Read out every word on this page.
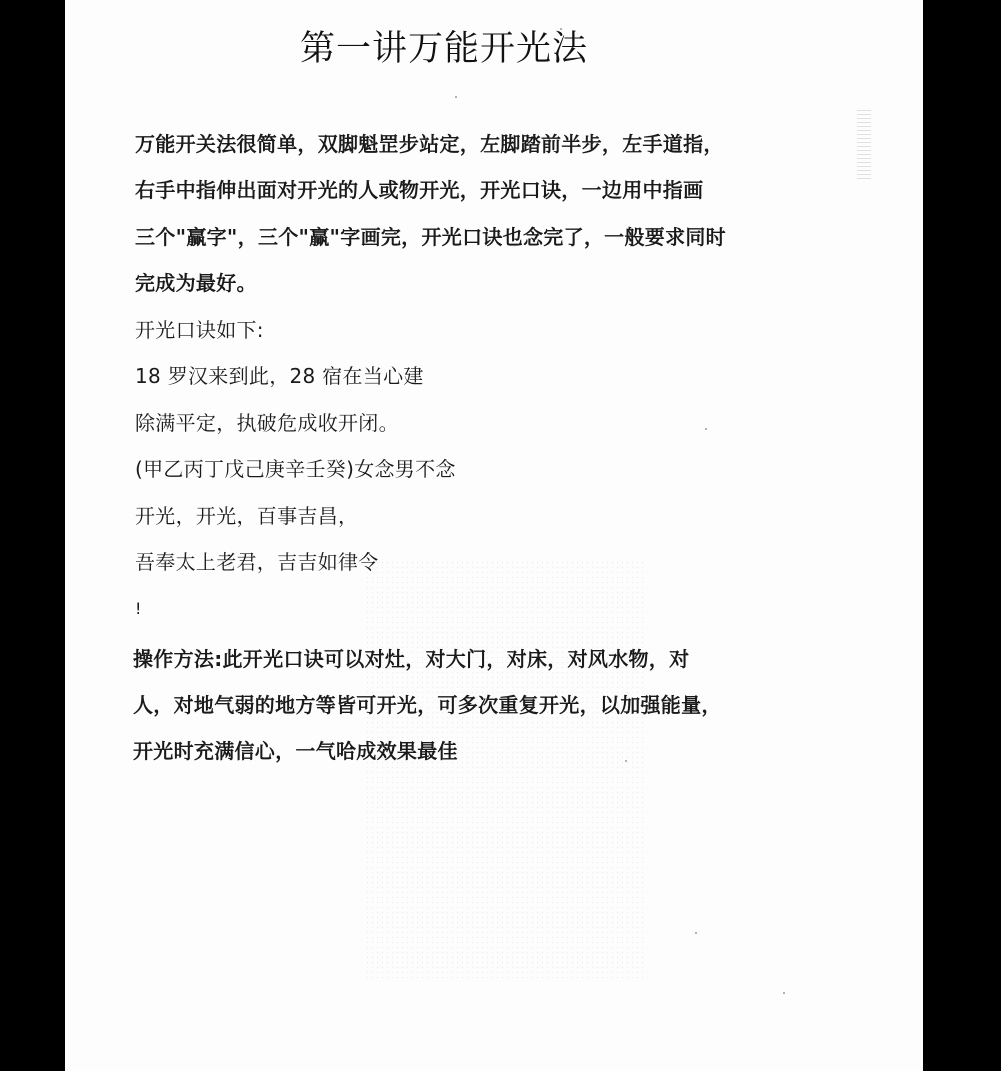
第一讲万能开光法
万能开关法很简单，双脚魁罡步站定，左脚踏前半步，左手道指，
右手中指伸出面对开光的人或物开光，开光口诀，一边用中指画
三个"赢字"，三个"赢"字画完，开光口诀也念完了，一般要求同时
完成为最好。
开光口诀如下:
18 罗汉来到此，28 宿在当心建
除满平定，执破危成收开闭。
(甲乙丙丁戊己庚辛壬癸)女念男不念
开光，开光，百事吉昌，
吾奉太上老君，吉吉如律令
!
操作方法:此开光口诀可以对灶，对大门，对床，对风水物，对
人，对地气弱的地方等皆可开光，可多次重复开光，以加强能量，
开光时充满信心，一气哈成效果最佳
